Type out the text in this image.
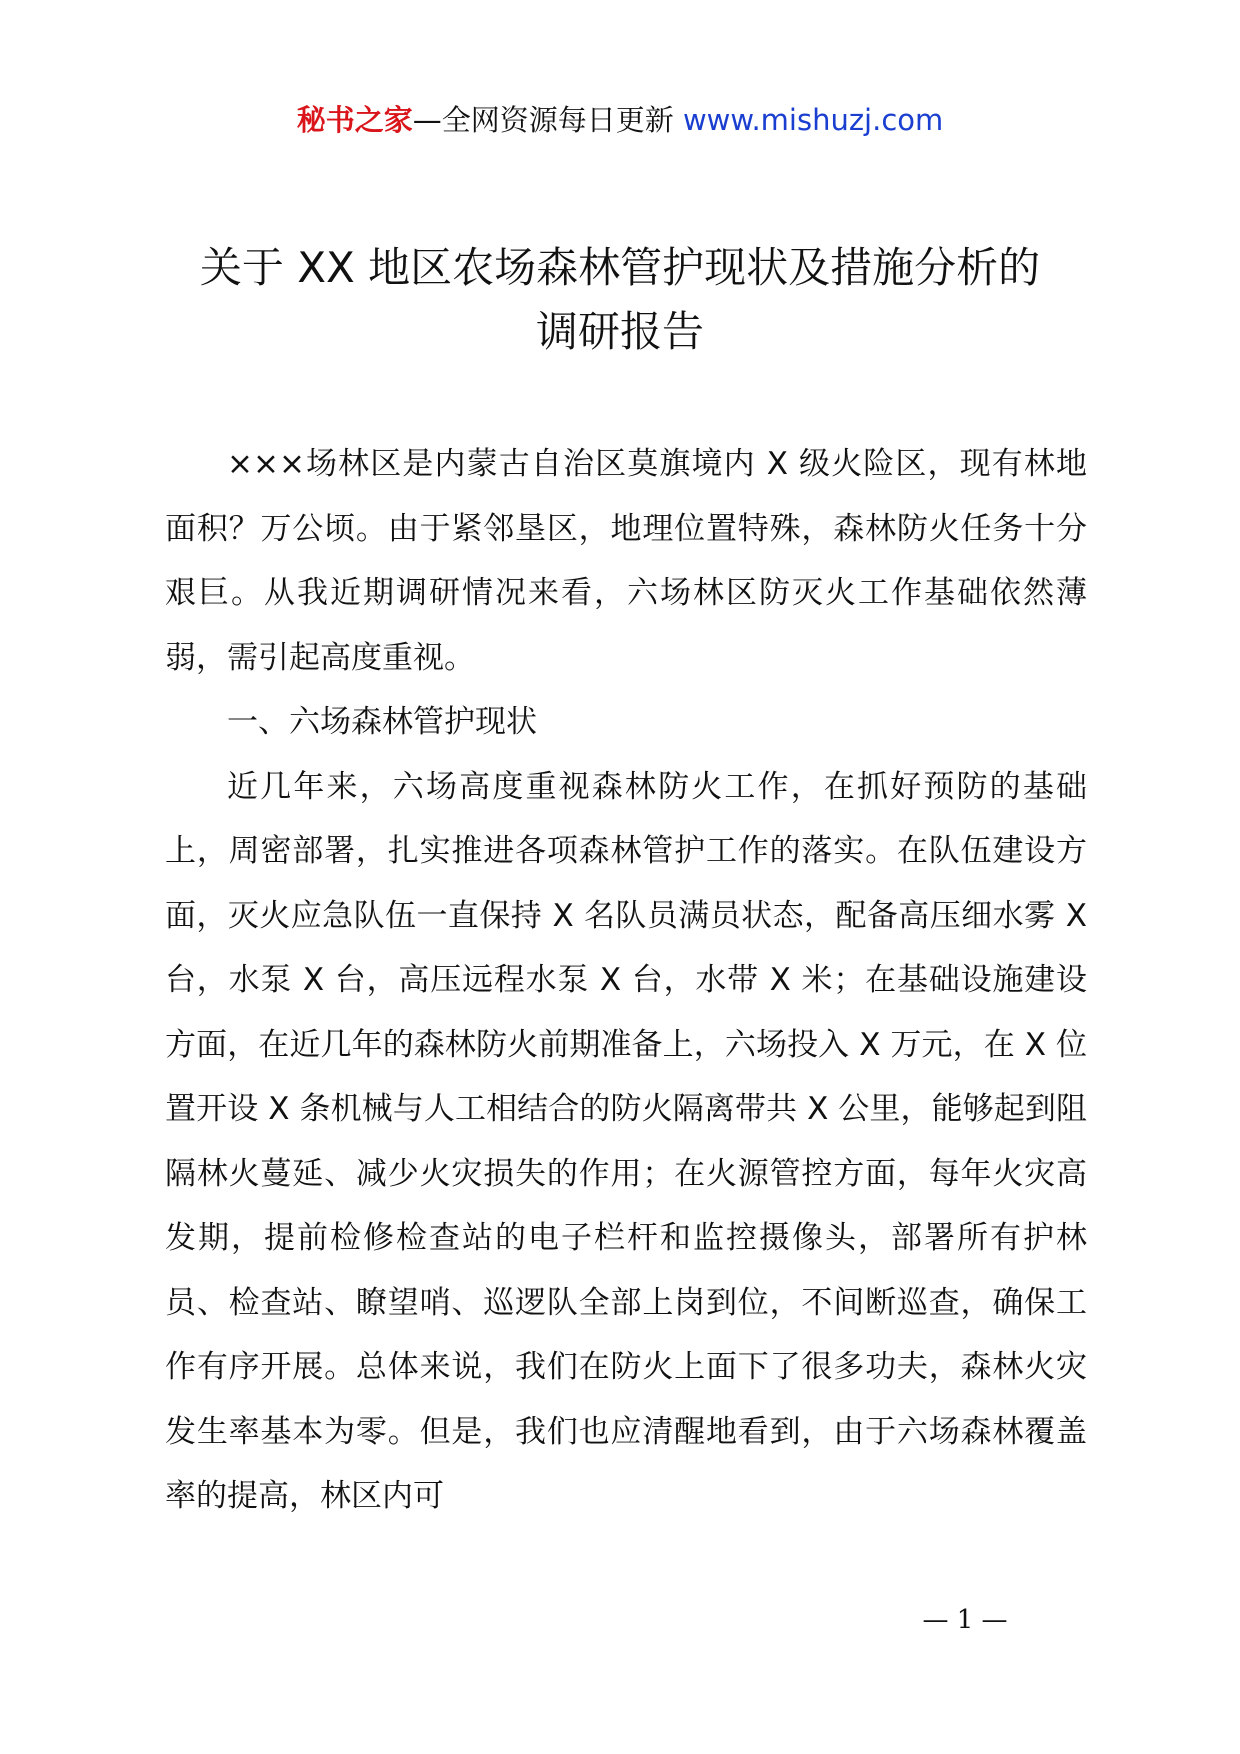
秘书之家—全网资源每日更新 www.mishuzj.com
关于 XX 地区农场森林管护现状及措施分析的
调研报告

×××场林区是内蒙古自治区莫旗境内 X 级火险区，现有林地面积？万公顷。由于紧邻垦区，地理位置特殊，森林防火任务十分艰巨。从我近期调研情况来看，六场林区防灭火工作基础依然薄弱，需引起高度重视。

一、六场森林管护现状

近几年来，六场高度重视森林防火工作，在抓好预防的基础上，周密部署，扎实推进各项森林管护工作的落实。在队伍建设方面，灭火应急队伍一直保持 X 名队员满员状态，配备高压细水雾 X 台，水泵 X 台，高压远程水泵 X 台，水带 X 米；在基础设施建设方面，在近几年的森林防火前期准备上，六场投入 X 万元，在 X 位置开设 X 条机械与人工相结合的防火隔离带共 X 公里，能够起到阻隔林火蔓延、减少火灾损失的作用；在火源管控方面，每年火灾高发期，提前检修检查站的电子栏杆和监控摄像头，部署所有护林员、检查站、瞭望哨、巡逻队全部上岗到位，不间断巡查，确保工作有序开展。总体来说，我们在防火上面下了很多功夫，森林火灾发生率基本为零。但是，我们也应清醒地看到，由于六场森林覆盖率的提高，林区内可

— 1 —
